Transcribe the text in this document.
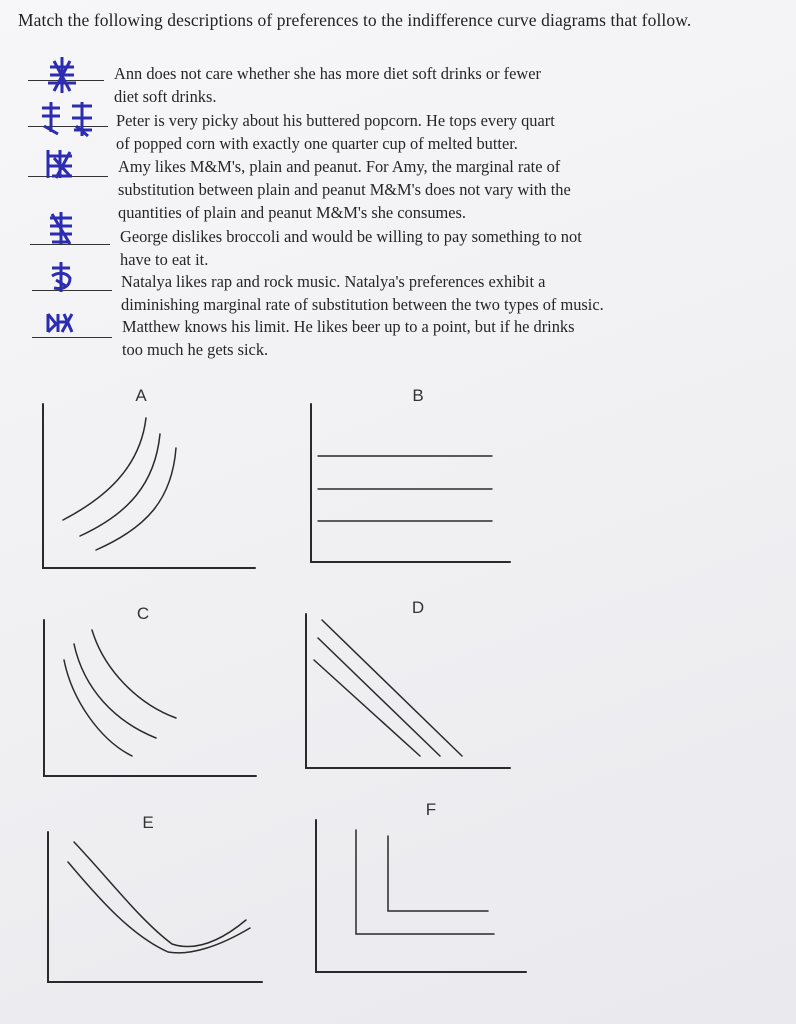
Match the following descriptions of preferences to the indifference curve diagrams that follow.
Ann does not care whether she has more diet soft drinks or fewer
diet soft drinks.
Peter is very picky about his buttered popcorn. He tops every quart
of popped corn with exactly one quarter cup of melted butter.
Amy likes M&M's, plain and peanut. For Amy, the marginal rate of
substitution between plain and peanut M&M's does not vary with the
quantities of plain and peanut M&M's she consumes.
George dislikes broccoli and would be willing to pay something to not
have to eat it.
Natalya likes rap and rock music. Natalya's preferences exhibit a
diminishing marginal rate of substitution between the two types of music.
Matthew knows his limit. He likes beer up to a point, but if he drinks
too much he gets sick.
A	B
C	D
E
F
